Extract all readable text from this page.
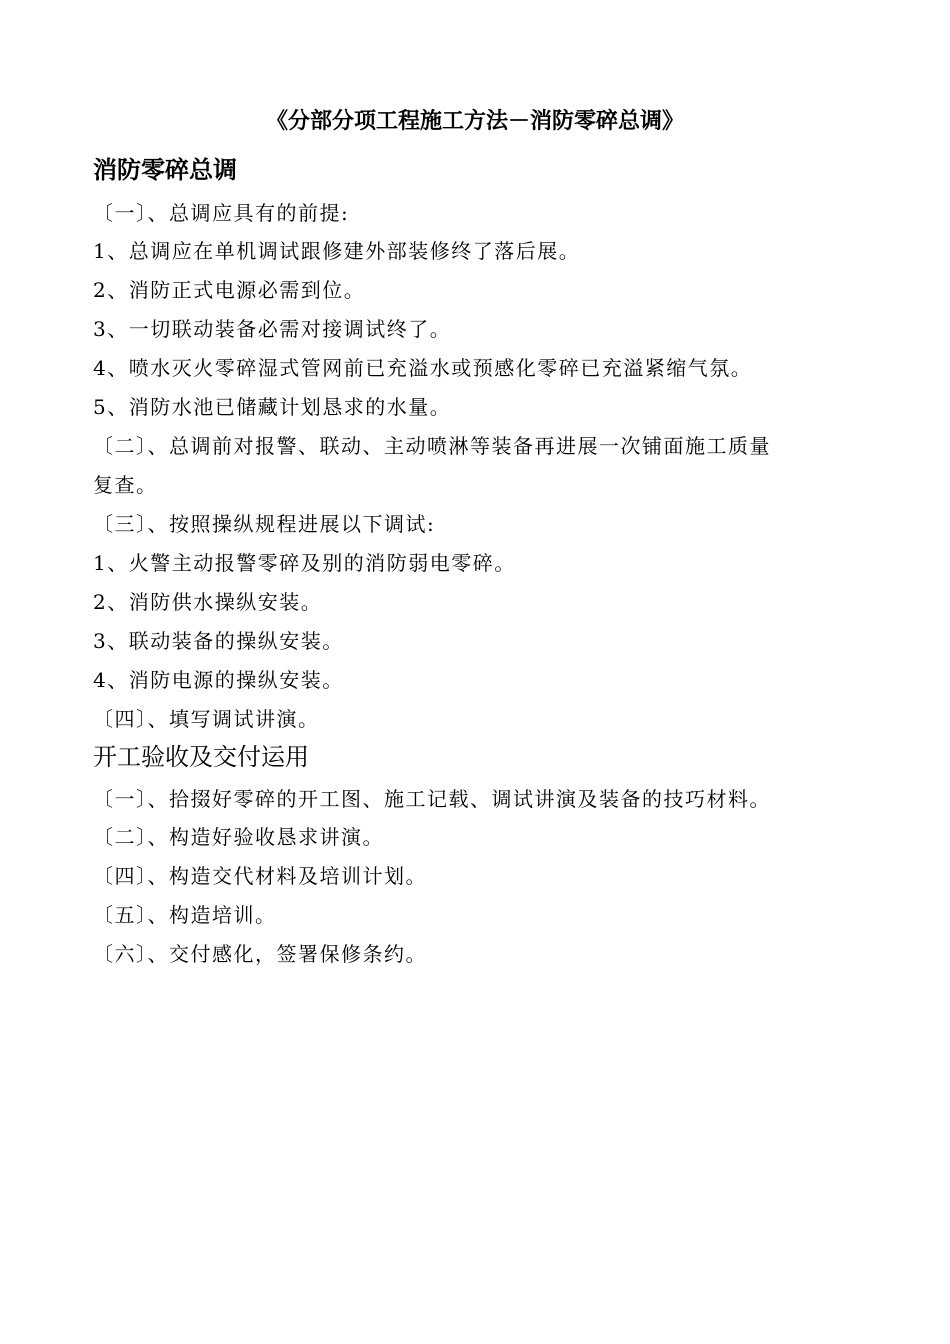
《分部分项工程施工方法－消防零碎总调》
消防零碎总调
〔一〕、总调应具有的前提:
1、总调应在单机调试跟修建外部装修终了落后展。
2、消防正式电源必需到位。
3、一切联动装备必需对接调试终了。
4、喷水灭火零碎湿式管网前已充溢水或预感化零碎已充溢紧缩气氛。
5、消防水池已储藏计划恳求的水量。
〔二〕、总调前对报警、联动、主动喷淋等装备再进展一次铺面施工质量
复查。
〔三〕、按照操纵规程进展以下调试:
1、火警主动报警零碎及别的消防弱电零碎。
2、消防供水操纵安装。
3、联动装备的操纵安装。
4、消防电源的操纵安装。
〔四〕、填写调试讲演。
开工验收及交付运用
〔一〕、拾掇好零碎的开工图、施工记载、调试讲演及装备的技巧材料。
〔二〕、构造好验收恳求讲演。
〔四〕、构造交代材料及培训计划。
〔五〕、构造培训。
〔六〕、交付感化，签署保修条约。
